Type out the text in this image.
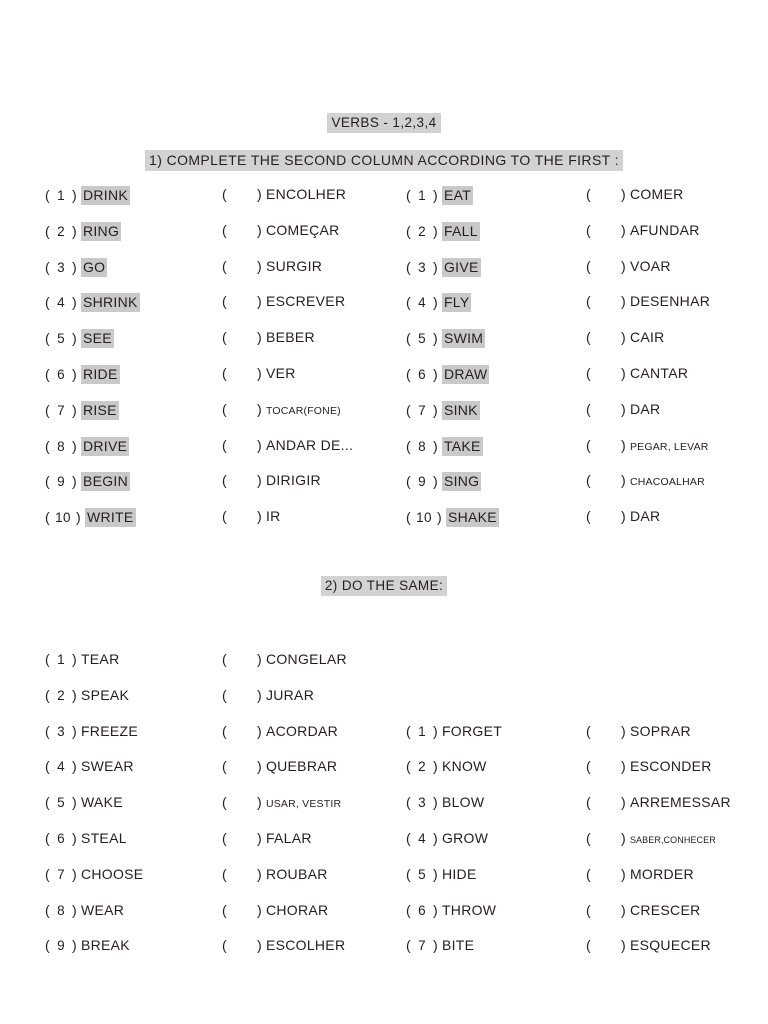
VERBS - 1,2,3,4
1) COMPLETE THE SECOND COLUMN ACCORDING TO THE FIRST :
( 1 ) DRINK	( ) ENCOLHER	( 1 ) EAT	( ) COMER
( 2 ) RING	( ) COMEÇAR	( 2 ) FALL	( ) AFUNDAR
( 3 ) GO	( ) SURGIR	( 3 ) GIVE	( ) VOAR
( 4 ) SHRINK	( ) ESCREVER	( 4 ) FLY	( ) DESENHAR
( 5 ) SEE	( ) BEBER	( 5 ) SWIM	( ) CAIR
( 6 ) RIDE	( ) VER	( 6 ) DRAW	( ) CANTAR
( 7 ) RISE	( ) TOCAR(FONE)	( 7 ) SINK	( ) DAR
( 8 ) DRIVE	( ) ANDAR DE...	( 8 ) TAKE	( ) PEGAR, LEVAR
( 9 ) BEGIN	( ) DIRIGIR	( 9 ) SING	( ) CHACOALHAR
( 10 ) WRITE	( ) IR	( 10 ) SHAKE	( ) DAR
2) DO THE SAME:
( 1 ) TEAR	( ) CONGELAR
( 2 ) SPEAK	( ) JURAR
( 3 ) FREEZE	( ) ACORDAR	( 1 ) FORGET	( ) SOPRAR
( 4 ) SWEAR	( ) QUEBRAR	( 2 ) KNOW	( ) ESCONDER
( 5 ) WAKE	( ) USAR, VESTIR	( 3 ) BLOW	( ) ARREMESSAR
( 6 ) STEAL	( ) FALAR	( 4 ) GROW	( ) SABER,CONHECER
( 7 ) CHOOSE	( ) ROUBAR	( 5 ) HIDE	( ) MORDER
( 8 ) WEAR	( ) CHORAR	( 6 ) THROW	( ) CRESCER
( 9 ) BREAK	( ) ESCOLHER	( 7 ) BITE	( ) ESQUECER
